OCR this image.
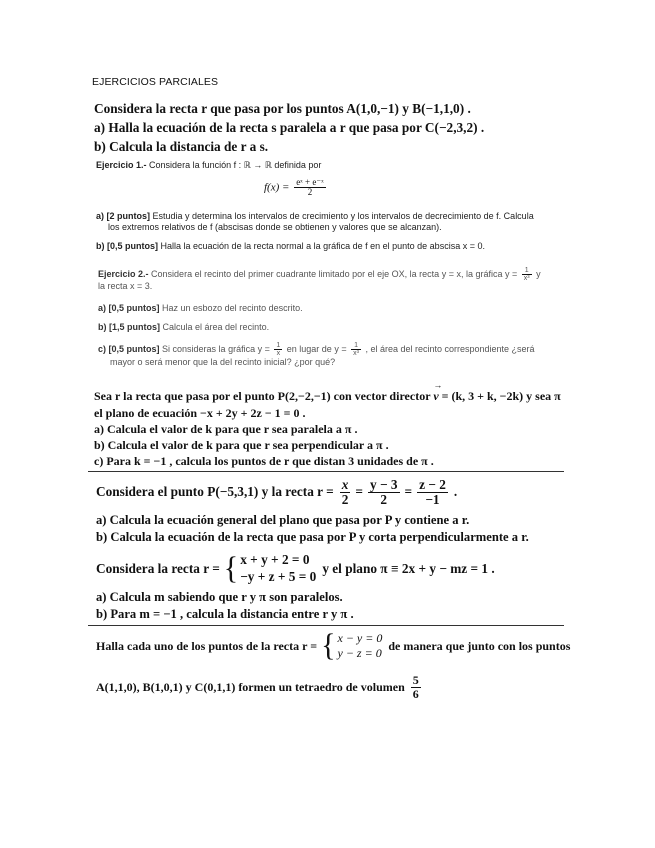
EJERCICIOS PARCIALES
Considera la recta r que pasa por los puntos A(1,0,−1) y B(−1,1,0) .
a) Halla la ecuación de la recta s paralela a r que pasa por C(−2,3,2) .
b) Calcula la distancia de r a s.
Ejercicio 1.- Considera la función f : ℝ → ℝ definida por
$f(x) = \frac{\text{eˣ + e⁻ˣ}}{2}$
a) [2 puntos] Estudia y determina los intervalos de crecimiento y los intervalos de decrecimiento de f. Calcula
los extremos relativos de f (abscisas donde se obtienen y valores que se alcanzan).
b) [0,5 puntos] Halla la ecuación de la recta normal a la gráfica de f en el punto de abscisa x = 0.
Ejercicio 2.- Considera el recinto del primer cuadrante limitado por el eje OX, la recta y = x, la gráfica $y = \frac{1}{\text{x³}}$ y
la recta x = 3.
a) [0,5 puntos] Haz un esbozo del recinto descrito.
b) [1,5 puntos] Calcula el área del recinto.
c) [0,5 puntos] Si consideras la gráfica $y = \frac{1}{x}$ en lugar de $y = \frac{1}{\text{x³}}$ , el área del recinto correspondiente ¿será
mayor o será menor que la del recinto inicial? ¿por qué?
Sea r la recta que pasa por el punto P(2,−2,−1) con vector director
→
v = (k, 3 + k, −2k) y sea π
el plano de ecuación −x + 2y + 2z − 1 = 0 .
a) Calcula el valor de k para que r sea paralela a π .
b) Calcula el valor de k para que r sea perpendicular a π .
c) Para k = −1 , calcula los puntos de r que distan 3 unidades de π .
Considera el punto P(−5,3,1) y la recta $r = \frac{x}{2} = \frac{y - 3}{2} = \frac{z - 2}{-1}$ .
a) Calcula la ecuación general del plano que pasa por P y contiene a r.
b) Calcula la ecuación de la recta que pasa por P y corta perpendicularmente a r.
Considera la recta r = { x + y + 2 = 0
−y + z + 5 = 0
y el plano π ≡ 2x + y − mz = 1 .
a) Calcula m sabiendo que r y π son paralelos.
b) Para m = −1 , calcula la distancia entre r y π .
Halla cada uno de los puntos de la recta r = { x − y = 0
y − z = 0
de manera que junto con los puntos
A(1,1,0), B(1,0,1) y C(0,1,1) formen un tetraedro de volumen $\frac{5}{6}$
